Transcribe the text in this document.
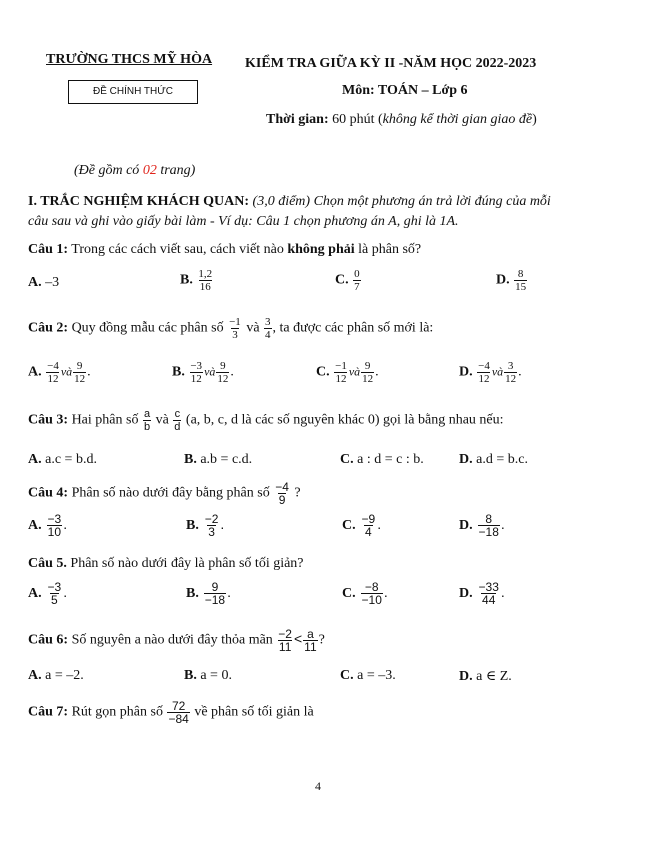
TRƯỜNG THCS MỸ HÒA
ĐỀ CHÍNH THỨC
KIỂM TRA GIỮA KỲ II -NĂM HỌC 2022-2023
Môn: TOÁN – Lớp 6
Thời gian: 60 phút (không kể thời gian giao đề)
(Đề gồm có 02 trang)
I. TRẮC NGHIỆM KHÁCH QUAN: (3,0 điểm) Chọn một phương án trả lời đúng của mỗi
câu sau và ghi vào giấy bài làm - Ví dụ: Câu 1 chọn phương án A, ghi là 1A.
Câu 1: Trong các cách viết sau, cách viết nào không phải là phân số?
A. –3	B. $\frac{1,2}{16}$	C. $\frac{0}{7}$	D. $\frac{8}{15}$
Câu 2: Quy đồng mẫu các phân số $\frac{-1}{3}$ và $\frac{3}{4}$ , ta được các phân số mới là:
A. $\frac{-4}{12}$ và $\frac{9}{12}$ .	B. $\frac{-3}{12}$ và $\frac{9}{12}$ .	C. $\frac{-1}{12}$ và $\frac{9}{12}$ .	D. $\frac{-4}{12}$ và $\frac{3}{12}$ .
Câu 3: Hai phân số $\frac{a}{b}$ và $\frac{c}{d} (a$, b, c, d là các số nguyên khác 0) gọi là bằng nhau nếu:
A. a.c = b.d.	B. a.b = c.d.	C. a : d = c : b.	D. a.d = b.c.
Câu 4: Phân số nào dưới đây bằng phân số $\frac{-4}{9}$ ?
A. $\frac{-3}{10}$ .	B. $\frac{-2}{3}$ .	C. $\frac{-9}{4}$ .	D. $\frac{8}{-18}$ .
Câu 5. Phân số nào dưới đây là phân số tối giản?
A. $\frac{-3}{5}$ .	B. $\frac{9}{-18}$ .	C. $\frac{-8}{-10}$ .	D. $\frac{-33}{44}$ .
Câu 6: Số nguyên a nào dưới đây thỏa mãn $\frac{-2}{11} < \frac{a}{11}$ ?
A. a = –2.	B. a = 0.	C. a = –3.	D. a ∈ Z.
Câu 7: Rút gọn phân số $\frac{72}{-84}$ về phân số tối giản là
4
